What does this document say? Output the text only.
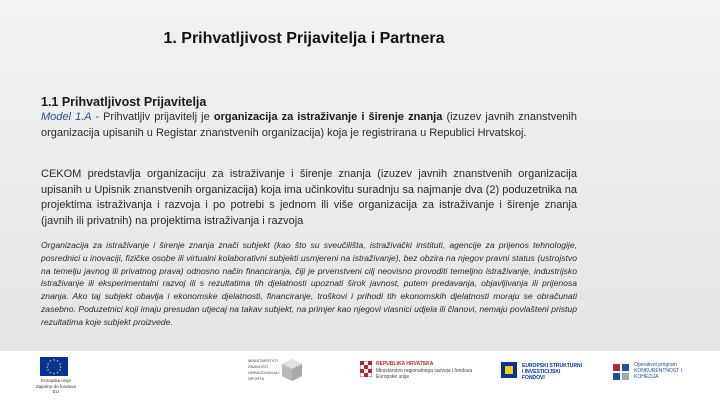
1. Prihvatljivost Prijavitelja i Partnera
1.1 Prihvatljivost Prijavitelja
Model 1.A - Prihvatljiv prijavitelj je organizacija za istraživanje i širenje znanja (izuzev javnih znanstvenih organizacija upisanih u Registar znanstvenih organizacija) koja je registrirana u Republici Hrvatskoj.
CEKOM predstavlja organizaciju za istraživanje i širenje znanja (izuzev javnih znanstvenih organizacija upisanih u Upisnik znanstvenih organizacija) koja ima učinkovitu suradnju sa najmanje dva (2) poduzetnika na projektima istraživanja i razvoja i po potrebi s jednom ili više organizacija za istraživanje i širenje znanja (javnih ili privatnih) na projektima istraživanja i razvoja
Organizacija za istraživanje i širenje znanja znači subjekt (kao što su sveučilišta, istraživački instituti, agencije za prijenos tehnologije, posrednici u inovaciji, fizičke osobe ili virtualni kolaborativni subjekti usmjereni na istraživanje), bez obzira na njegov pravni status (ustrojstvo na temelju javnog ili privatnog prava) odnosno način financiranja, čiji je prvenstveni cilj neovisno provoditi temeljno istraživanje, industrijsko istraživanje ili eksperimentalni razvoj ili s rezultatima tih djelatnosti upoznati širok javnost, putem predavanja, objavljivanja ili prijenosa znanja. Ako taj subjekt obavlja i ekonomske djelatnosti, financiranje, troškovi i prihodi tih ekonomskih djelatnosti moraju se obračunati zasebno. Poduzetnici koji imaju presudan utjecaj na takav subjekt, na primjer kao njegovi vlasnici udjela ili članovi, nemaju povlašteni pristup rezultatima koje subjekt proizvede.
★ ★
★
★
★
★
★
★
★
★
★
★
Europska unija Zajedno do fondova EU
MINISTARSTVO ZNANOSTI, OBRAZOVANJA I SPORTA
REPUBLIKA HRVATSKA
Ministarstvo regionalnoga razvoja i fondova Europske unije
EUROPSKI STRUKTURNI I INVESTICIJSKI FONDOVI
Operativni program KONKURENTNOST I KOHEZIJA
